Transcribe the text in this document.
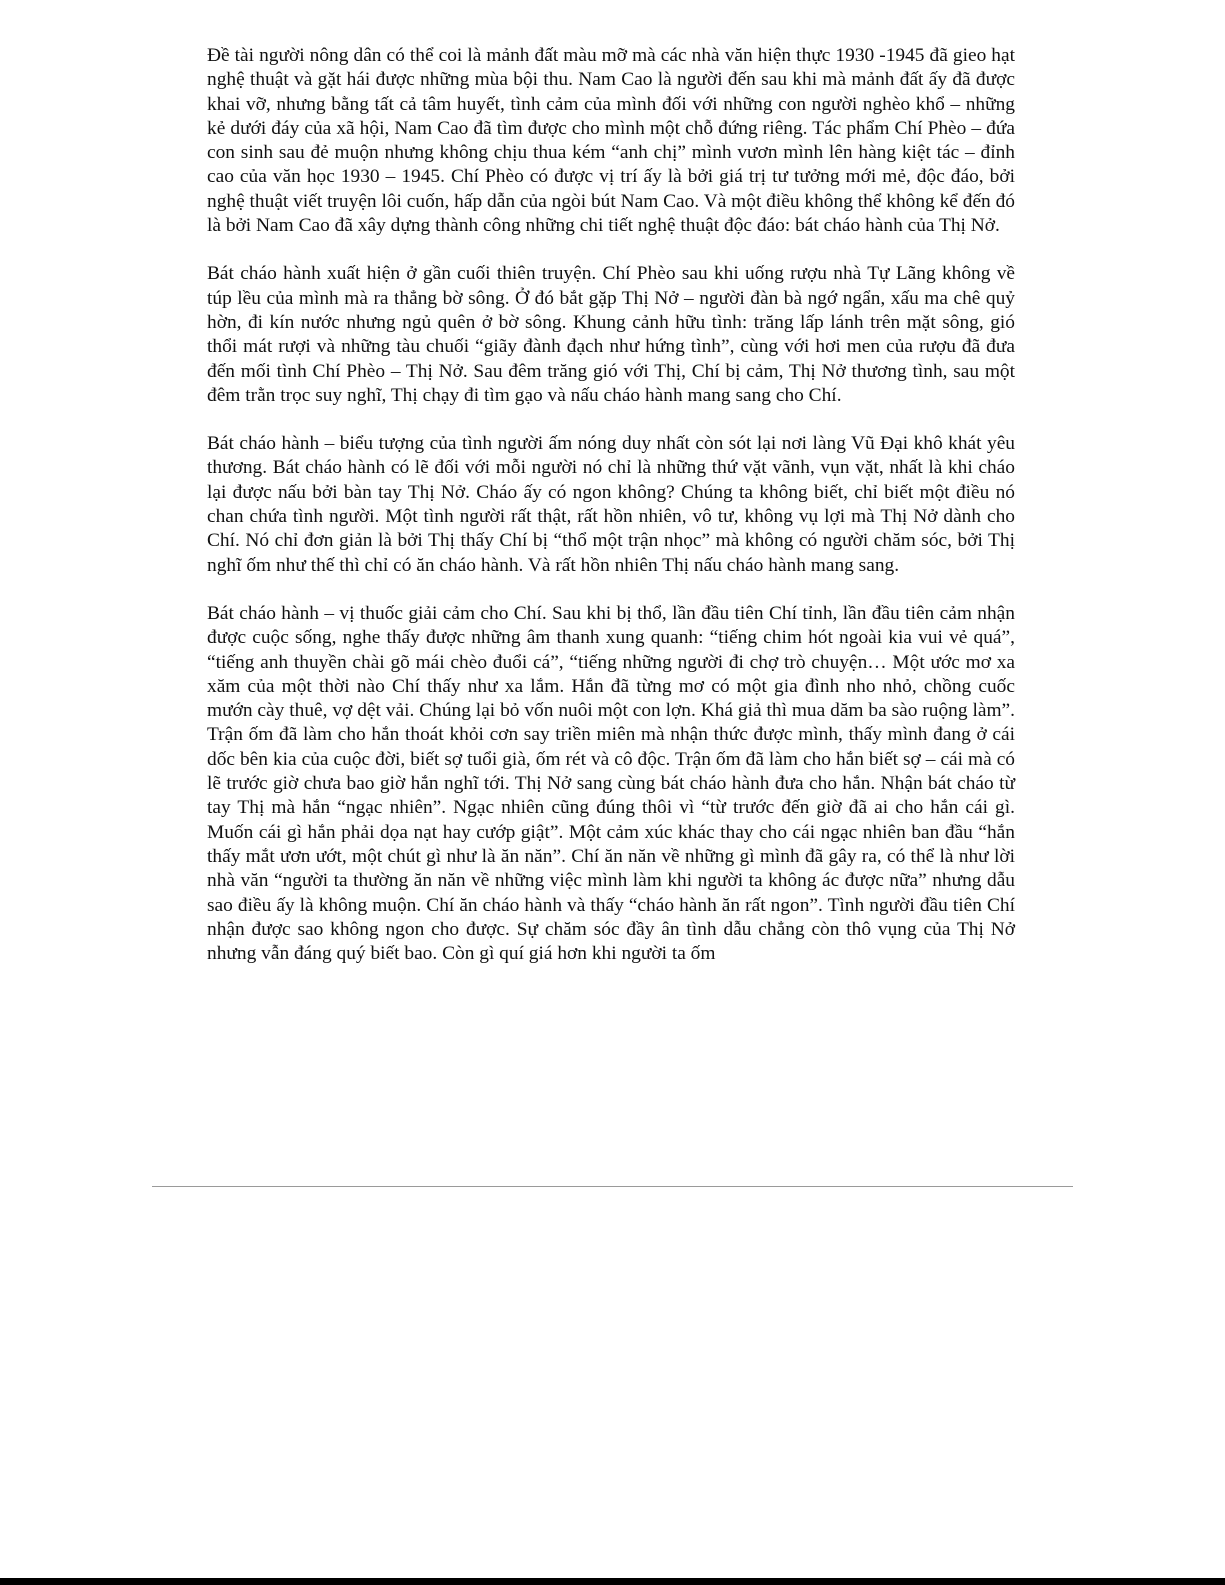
Đề tài người nông dân có thể coi là mảnh đất màu mỡ mà các nhà văn hiện thực 1930 -1945 đã gieo hạt nghệ thuật và gặt hái được những mùa bội thu. Nam Cao là người đến sau khi mà mảnh đất ấy đã được khai vỡ, nhưng bằng tất cả tâm huyết, tình cảm của mình đối với những con người nghèo khổ – những kẻ dưới đáy của xã hội, Nam Cao đã tìm được cho mình một chỗ đứng riêng. Tác phẩm Chí Phèo – đứa con sinh sau đẻ muộn nhưng không chịu thua kém “anh chị” mình vươn mình lên hàng kiệt tác – đỉnh cao của văn học 1930 – 1945. Chí Phèo có được vị trí ấy là bởi giá trị tư tưởng mới mẻ, độc đáo, bởi nghệ thuật viết truyện lôi cuốn, hấp dẫn của ngòi bút Nam Cao. Và một điều không thể không kể đến đó là bởi Nam Cao đã xây dựng thành công những chi tiết nghệ thuật độc đáo: bát cháo hành của Thị Nở.

Bát cháo hành xuất hiện ở gần cuối thiên truyện. Chí Phèo sau khi uống rượu nhà Tự Lãng không về túp lều của mình mà ra thẳng bờ sông. Ở đó bắt gặp Thị Nở – người đàn bà ngớ ngẩn, xấu ma chê quỷ hờn, đi kín nước nhưng ngủ quên ở bờ sông. Khung cảnh hữu tình: trăng lấp lánh trên mặt sông, gió thổi mát rượi và những tàu chuối “giãy đành đạch như hứng tình”, cùng với hơi men của rượu đã đưa đến mối tình Chí Phèo – Thị Nở. Sau đêm trăng gió với Thị, Chí bị cảm, Thị Nở thương tình, sau một đêm trằn trọc suy nghĩ, Thị chạy đi tìm gạo và nấu cháo hành mang sang cho Chí.

Bát cháo hành – biểu tượng của tình người ấm nóng duy nhất còn sót lại nơi làng Vũ Đại khô khát yêu thương. Bát cháo hành có lẽ đối với mỗi người nó chỉ là những thứ vặt vãnh, vụn vặt, nhất là khi cháo lại được nấu bởi bàn tay Thị Nở. Cháo ấy có ngon không? Chúng ta không biết, chỉ biết một điều nó chan chứa tình người. Một tình người rất thật, rất hồn nhiên, vô tư, không vụ lợi mà Thị Nở dành cho Chí. Nó chỉ đơn giản là bởi Thị thấy Chí bị “thổ một trận nhọc” mà không có người chăm sóc, bởi Thị nghĩ ốm như thế thì chỉ có ăn cháo hành. Và rất hồn nhiên Thị nấu cháo hành mang sang.

Bát cháo hành – vị thuốc giải cảm cho Chí. Sau khi bị thổ, lần đầu tiên Chí tỉnh, lần đầu tiên cảm nhận được cuộc sống, nghe thấy được những âm thanh xung quanh: “tiếng chim hót ngoài kia vui vẻ quá”, “tiếng anh thuyền chài gõ mái chèo đuổi cá”, “tiếng những người đi chợ trò chuyện… Một ước mơ xa xăm của một thời nào Chí thấy như xa lắm. Hắn đã từng mơ có một gia đình nho nhỏ, chồng cuốc mướn cày thuê, vợ dệt vải. Chúng lại bỏ vốn nuôi một con lợn. Khá giả thì mua dăm ba sào ruộng làm”. Trận ốm đã làm cho hắn thoát khỏi cơn say triền miên mà nhận thức được mình, thấy mình đang ở cái dốc bên kia của cuộc đời, biết sợ tuổi già, ốm rét và cô độc. Trận ốm đã làm cho hắn biết sợ – cái mà có lẽ trước giờ chưa bao giờ hắn nghĩ tới. Thị Nở sang cùng bát cháo hành đưa cho hắn. Nhận bát cháo từ tay Thị mà hắn “ngạc nhiên”. Ngạc nhiên cũng đúng thôi vì “từ trước đến giờ đã ai cho hắn cái gì. Muốn cái gì hắn phải dọa nạt hay cướp giật”. Một cảm xúc khác thay cho cái ngạc nhiên ban đầu “hắn thấy mắt ươn ướt, một chút gì như là ăn năn”. Chí ăn năn về những gì mình đã gây ra, có thể là như lời nhà văn “người ta thường ăn năn về những việc mình làm khi người ta không ác được nữa” nhưng dẫu sao điều ấy là không muộn. Chí ăn cháo hành và thấy “cháo hành ăn rất ngon”. Tình người đầu tiên Chí nhận được sao không ngon cho được. Sự chăm sóc đầy ân tình dẫu chẳng còn thô vụng của Thị Nở nhưng vẫn đáng quý biết bao. Còn gì quí giá hơn khi người ta ốm
